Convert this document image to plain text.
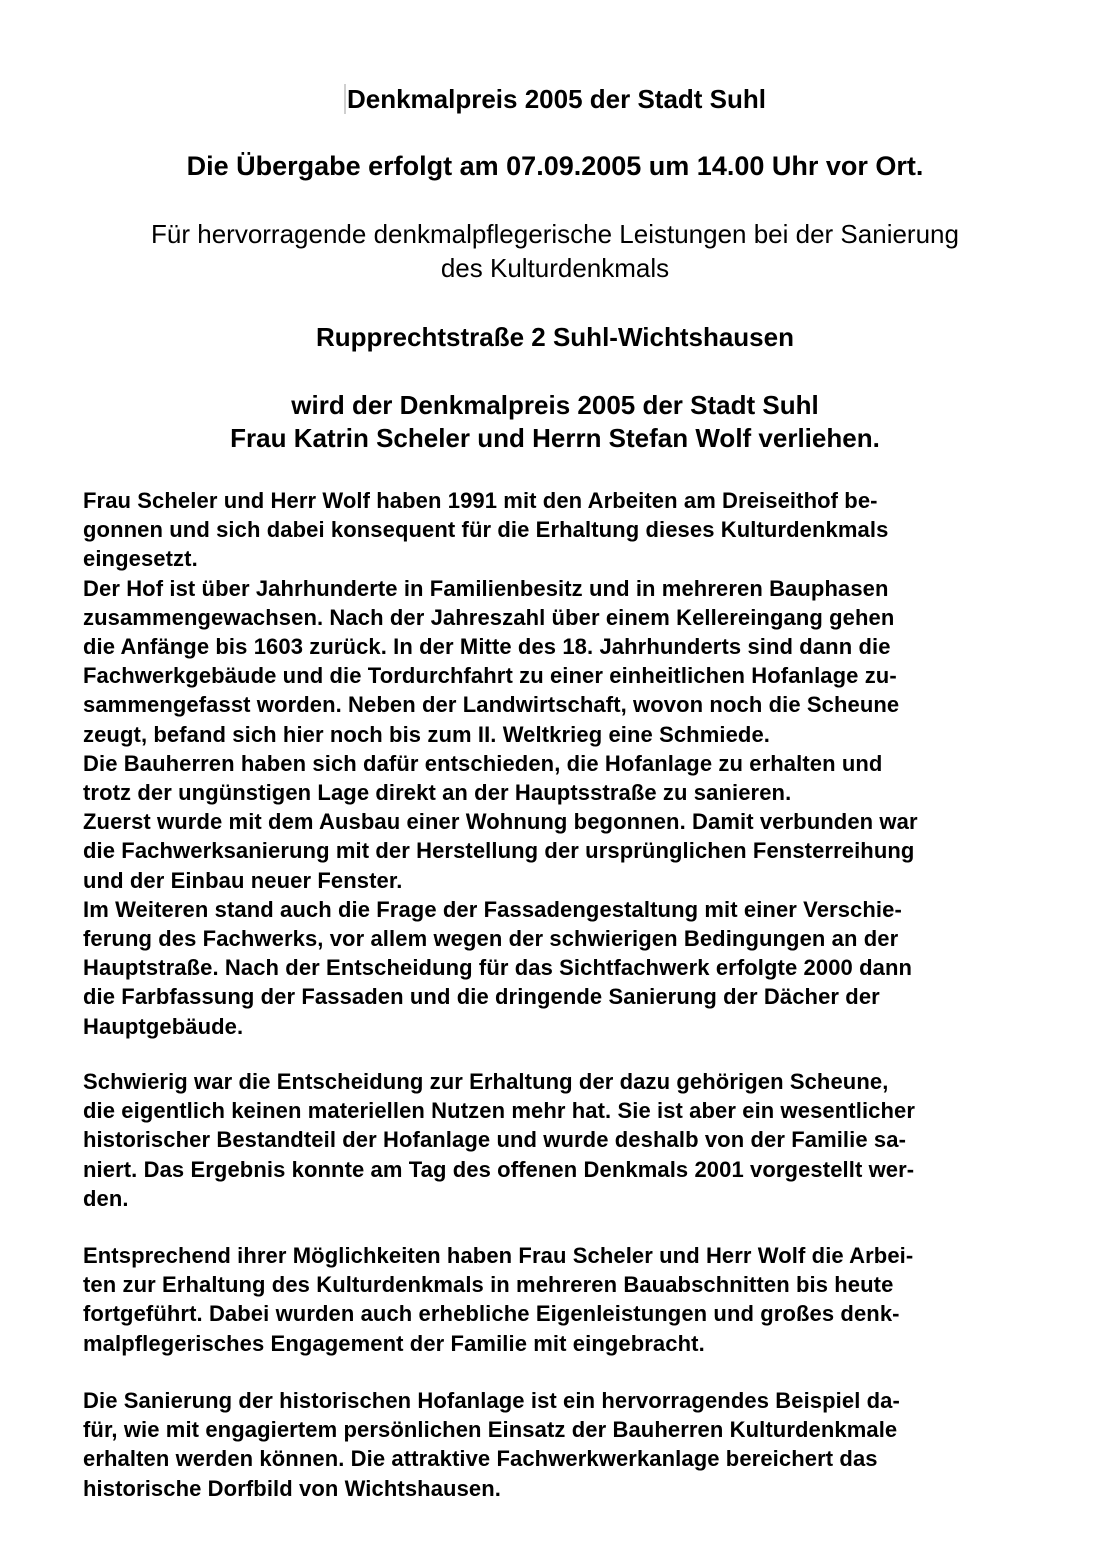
Denkmalpreis 2005 der Stadt Suhl
Die Übergabe erfolgt am 07.09.2005 um 14.00 Uhr vor Ort.
Für hervorragende denkmalpflegerische Leistungen bei der Sanierung
des Kulturdenkmals
Rupprechtstraße 2 Suhl-Wichtshausen
wird der Denkmalpreis 2005 der Stadt Suhl
Frau Katrin Scheler und Herrn Stefan Wolf verliehen.
Frau Scheler und Herr Wolf haben 1991 mit den Arbeiten am Dreiseithof be-
gonnen und sich dabei konsequent für die Erhaltung dieses Kulturdenkmals
eingesetzt.
Der Hof ist über Jahrhunderte in Familienbesitz und in mehreren Bauphasen
zusammengewachsen. Nach der Jahreszahl über einem Kellereingang gehen
die Anfänge bis 1603 zurück. In der Mitte des 18. Jahrhunderts sind dann die
Fachwerkgebäude und die Tordurchfahrt zu einer einheitlichen Hofanlage zu-
sammengefasst worden. Neben der Landwirtschaft, wovon noch die Scheune
zeugt, befand sich hier noch bis zum II. Weltkrieg eine Schmiede.
Die Bauherren haben sich dafür entschieden, die Hofanlage zu erhalten und
trotz der ungünstigen Lage direkt an der Hauptsstraße zu sanieren.
Zuerst wurde mit dem Ausbau einer Wohnung begonnen. Damit verbunden war
die Fachwerksanierung mit der Herstellung der ursprünglichen Fensterreihung
und der Einbau neuer Fenster.
Im Weiteren stand auch die Frage der Fassadengestaltung mit einer Verschie-
ferung des Fachwerks, vor allem wegen der schwierigen Bedingungen an der
Hauptstraße. Nach der Entscheidung für das Sichtfachwerk erfolgte 2000 dann
die Farbfassung der Fassaden und die dringende Sanierung der Dächer der
Hauptgebäude.
Schwierig war die Entscheidung zur Erhaltung der dazu gehörigen Scheune,
die eigentlich keinen materiellen Nutzen mehr hat. Sie ist aber ein wesentlicher
historischer Bestandteil der Hofanlage und wurde deshalb von der Familie sa-
niert. Das Ergebnis konnte am Tag des offenen Denkmals 2001 vorgestellt wer-
den.
Entsprechend ihrer Möglichkeiten haben Frau Scheler und Herr Wolf die Arbei-
ten zur Erhaltung des Kulturdenkmals in mehreren Bauabschnitten bis heute
fortgeführt. Dabei wurden auch erhebliche Eigenleistungen und großes denk-
malpflegerisches Engagement der Familie mit eingebracht.
Die Sanierung der historischen Hofanlage ist ein hervorragendes Beispiel da-
für, wie mit engagiertem persönlichen Einsatz der Bauherren Kulturdenkmale
erhalten werden können. Die attraktive Fachwerkwerkanlage bereichert das
historische Dorfbild von Wichtshausen.
